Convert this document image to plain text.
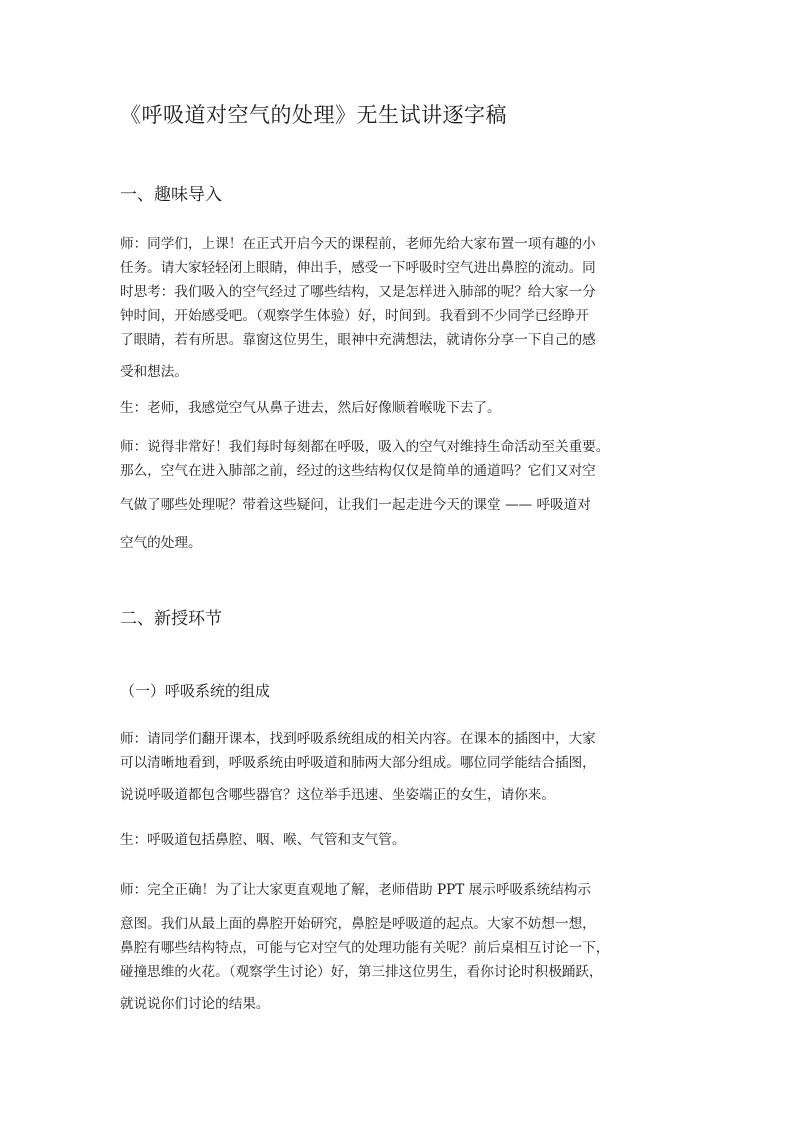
《呼吸道对空气的处理》无生试讲逐字稿
一、趣味导入
师：同学们，上课！在正式开启今天的课程前，老师先给大家布置一项有趣的小
任务。请大家轻轻闭上眼睛，伸出手，感受一下呼吸时空气进出鼻腔的流动。同
时思考：我们吸入的空气经过了哪些结构，又是怎样进入肺部的呢？给大家一分
钟时间，开始感受吧。（观察学生体验）好，时间到。我看到不少同学已经睁开
了眼睛，若有所思。靠窗这位男生，眼神中充满想法，就请你分享一下自己的感
受和想法。
生：老师，我感觉空气从鼻子进去，然后好像顺着喉咙下去了。
师：说得非常好！我们每时每刻都在呼吸，吸入的空气对维持生命活动至关重要。
那么，空气在进入肺部之前，经过的这些结构仅仅是简单的通道吗？它们又对空
气做了哪些处理呢？带着这些疑问，让我们一起走进今天的课堂 —— 呼吸道对
空气的处理。
二、新授环节
（一）呼吸系统的组成
师：请同学们翻开课本，找到呼吸系统组成的相关内容。在课本的插图中，大家
可以清晰地看到，呼吸系统由呼吸道和肺两大部分组成。哪位同学能结合插图，
说说呼吸道都包含哪些器官？这位举手迅速、坐姿端正的女生，请你来。
生：呼吸道包括鼻腔、咽、喉、气管和支气管。
师：完全正确！为了让大家更直观地了解，老师借助 PPT 展示呼吸系统结构示
意图。我们从最上面的鼻腔开始研究，鼻腔是呼吸道的起点。大家不妨想一想，
鼻腔有哪些结构特点，可能与它对空气的处理功能有关呢？前后桌相互讨论一下，
碰撞思维的火花。（观察学生讨论）好，第三排这位男生，看你讨论时积极踊跃，
就说说你们讨论的结果。
